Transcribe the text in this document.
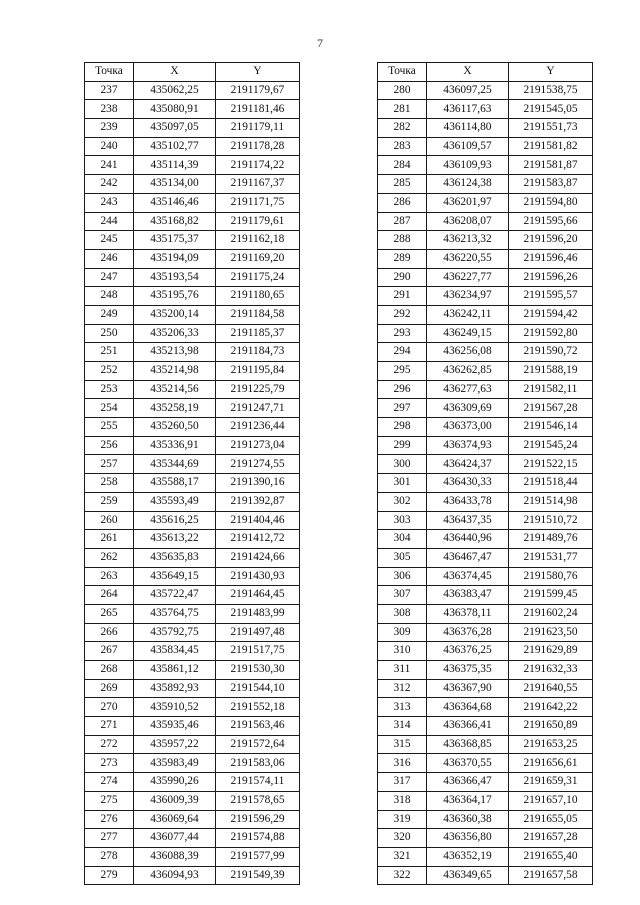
7
Точка	X	Y
237	435062,25	2191179,67
238	435080,91	2191181,46
239	435097,05	2191179,11
240	435102,77	2191178,28
241	435114,39	2191174,22
242	435134,00	2191167,37
243	435146,46	2191171,75
244	435168,82	2191179,61
245	435175,37	2191162,18
246	435194,09	2191169,20
247	435193,54	2191175,24
248	435195,76	2191180,65
249	435200,14	2191184,58
250	435206,33	2191185,37
251	435213,98	2191184,73
252	435214,98	2191195,84
253	435214,56	2191225,79
254	435258,19	2191247,71
255	435260,50	2191236,44
256	435336,91	2191273,04
257	435344,69	2191274,55
258	435588,17	2191390,16
259	435593,49	2191392,87
260	435616,25	2191404,46
261	435613,22	2191412,72
262	435635,83	2191424,66
263	435649,15	2191430,93
264	435722,47	2191464,45
265	435764,75	2191483,99
266	435792,75	2191497,48
267	435834,45	2191517,75
268	435861,12	2191530,30
269	435892,93	2191544,10
270	435910,52	2191552,18
271	435935,46	2191563,46
272	435957,22	2191572,64
273	435983,49	2191583,06
274	435990,26	2191574,11
275	436009,39	2191578,65
276	436069,64	2191596,29
277	436077,44	2191574,88
278	436088,39	2191577,99
279	436094,93	2191549,39
Точка	X	Y
280	436097,25	2191538,75
281	436117,63	2191545,05
282	436114,80	2191551,73
283	436109,57	2191581,82
284	436109,93	2191581,87
285	436124,38	2191583,87
286	436201,97	2191594,80
287	436208,07	2191595,66
288	436213,32	2191596,20
289	436220,55	2191596,46
290	436227,77	2191596,26
291	436234,97	2191595,57
292	436242,11	2191594,42
293	436249,15	2191592,80
294	436256,08	2191590,72
295	436262,85	2191588,19
296	436277,63	2191582,11
297	436309,69	2191567,28
298	436373,00	2191546,14
299	436374,93	2191545,24
300	436424,37	2191522,15
301	436430,33	2191518,44
302	436433,78	2191514,98
303	436437,35	2191510,72
304	436440,96	2191489,76
305	436467,47	2191531,77
306	436374,45	2191580,76
307	436383,47	2191599,45
308	436378,11	2191602,24
309	436376,28	2191623,50
310	436376,25	2191629,89
311	436375,35	2191632,33
312	436367,90	2191640,55
313	436364,68	2191642,22
314	436366,41	2191650,89
315	436368,85	2191653,25
316	436370,55	2191656,61
317	436366,47	2191659,31
318	436364,17	2191657,10
319	436360,38	2191655,05
320	436356,80	2191657,28
321	436352,19	2191655,40
322	436349,65	2191657,58
